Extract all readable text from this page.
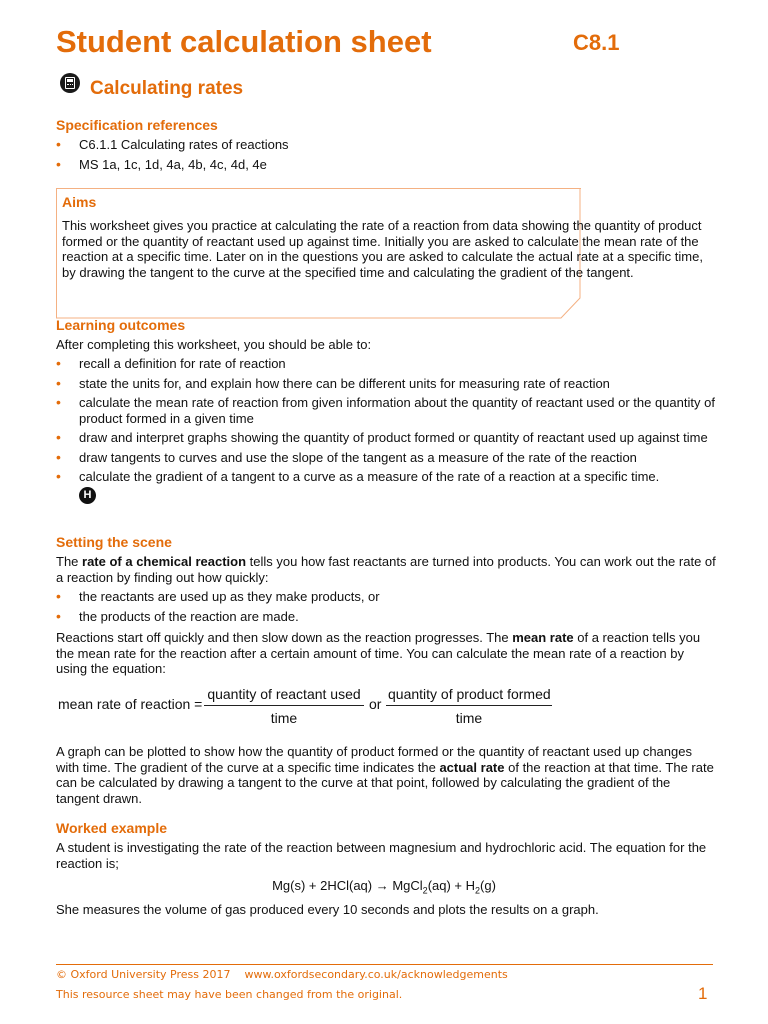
Student calculation sheet	C8.1
Calculating rates
Specification references
• C6.1.1 Calculating rates of reactions
• MS 1a, 1c, 1d, 4a, 4b, 4c, 4d, 4e
Aims
This worksheet gives you practice at calculating the rate of a reaction from data showing the quantity of product formed or the quantity of reactant used up against time. Initially you are asked to calculate the mean rate of the reaction at a specific time. Later on in the questions you are asked to calculate the actual rate at a specific time, by drawing the tangent to the curve at the specified time and calculating the gradient of the tangent.
Learning outcomes
After completing this worksheet, you should be able to:
• recall a definition for rate of reaction
• state the units for, and explain how there can be different units for measuring rate of reaction
• calculate the mean rate of reaction from given information about the quantity of reactant used or the quantity of product formed in a given time
• draw and interpret graphs showing the quantity of product formed or quantity of reactant used up against time
• draw tangents to curves and use the slope of the tangent as a measure of the rate of the reaction
• calculate the gradient of a tangent to a curve as a measure of the rate of a reaction at a specific time.
H
Setting the scene
The rate of a chemical reaction tells you how fast reactants are turned into products. You can work out the rate of a reaction by finding out how quickly:
• the reactants are used up as they make products, or
• the products of the reaction are made.
Reactions start off quickly and then slow down as the reaction progresses. The mean rate of a reaction tells you the mean rate for the reaction after a certain amount of time. You can calculate the mean rate of a reaction by using the equation:
mean rate of reaction =
quantity of reactant used
time
or
quantity of product formed
time
A graph can be plotted to show how the quantity of product formed or the quantity of reactant used up changes with time. The gradient of the curve at a specific time indicates the actual rate of the reaction at that time. The rate can be calculated by drawing a tangent to the curve at that point, followed by calculating the gradient of the tangent drawn.
Worked example
A student is investigating the rate of the reaction between magnesium and hydrochloric acid. The equation for the reaction is;
Mg(s) + 2HCl(aq) → MgCl$_2$(aq) + $H_2(g)$
She measures the volume of gas produced every 10 seconds and plots the results on a graph.
© Oxford University Press 2017    www.oxfordsecondary.co.uk/acknowledgements
This resource sheet may have been changed from the original.	1
